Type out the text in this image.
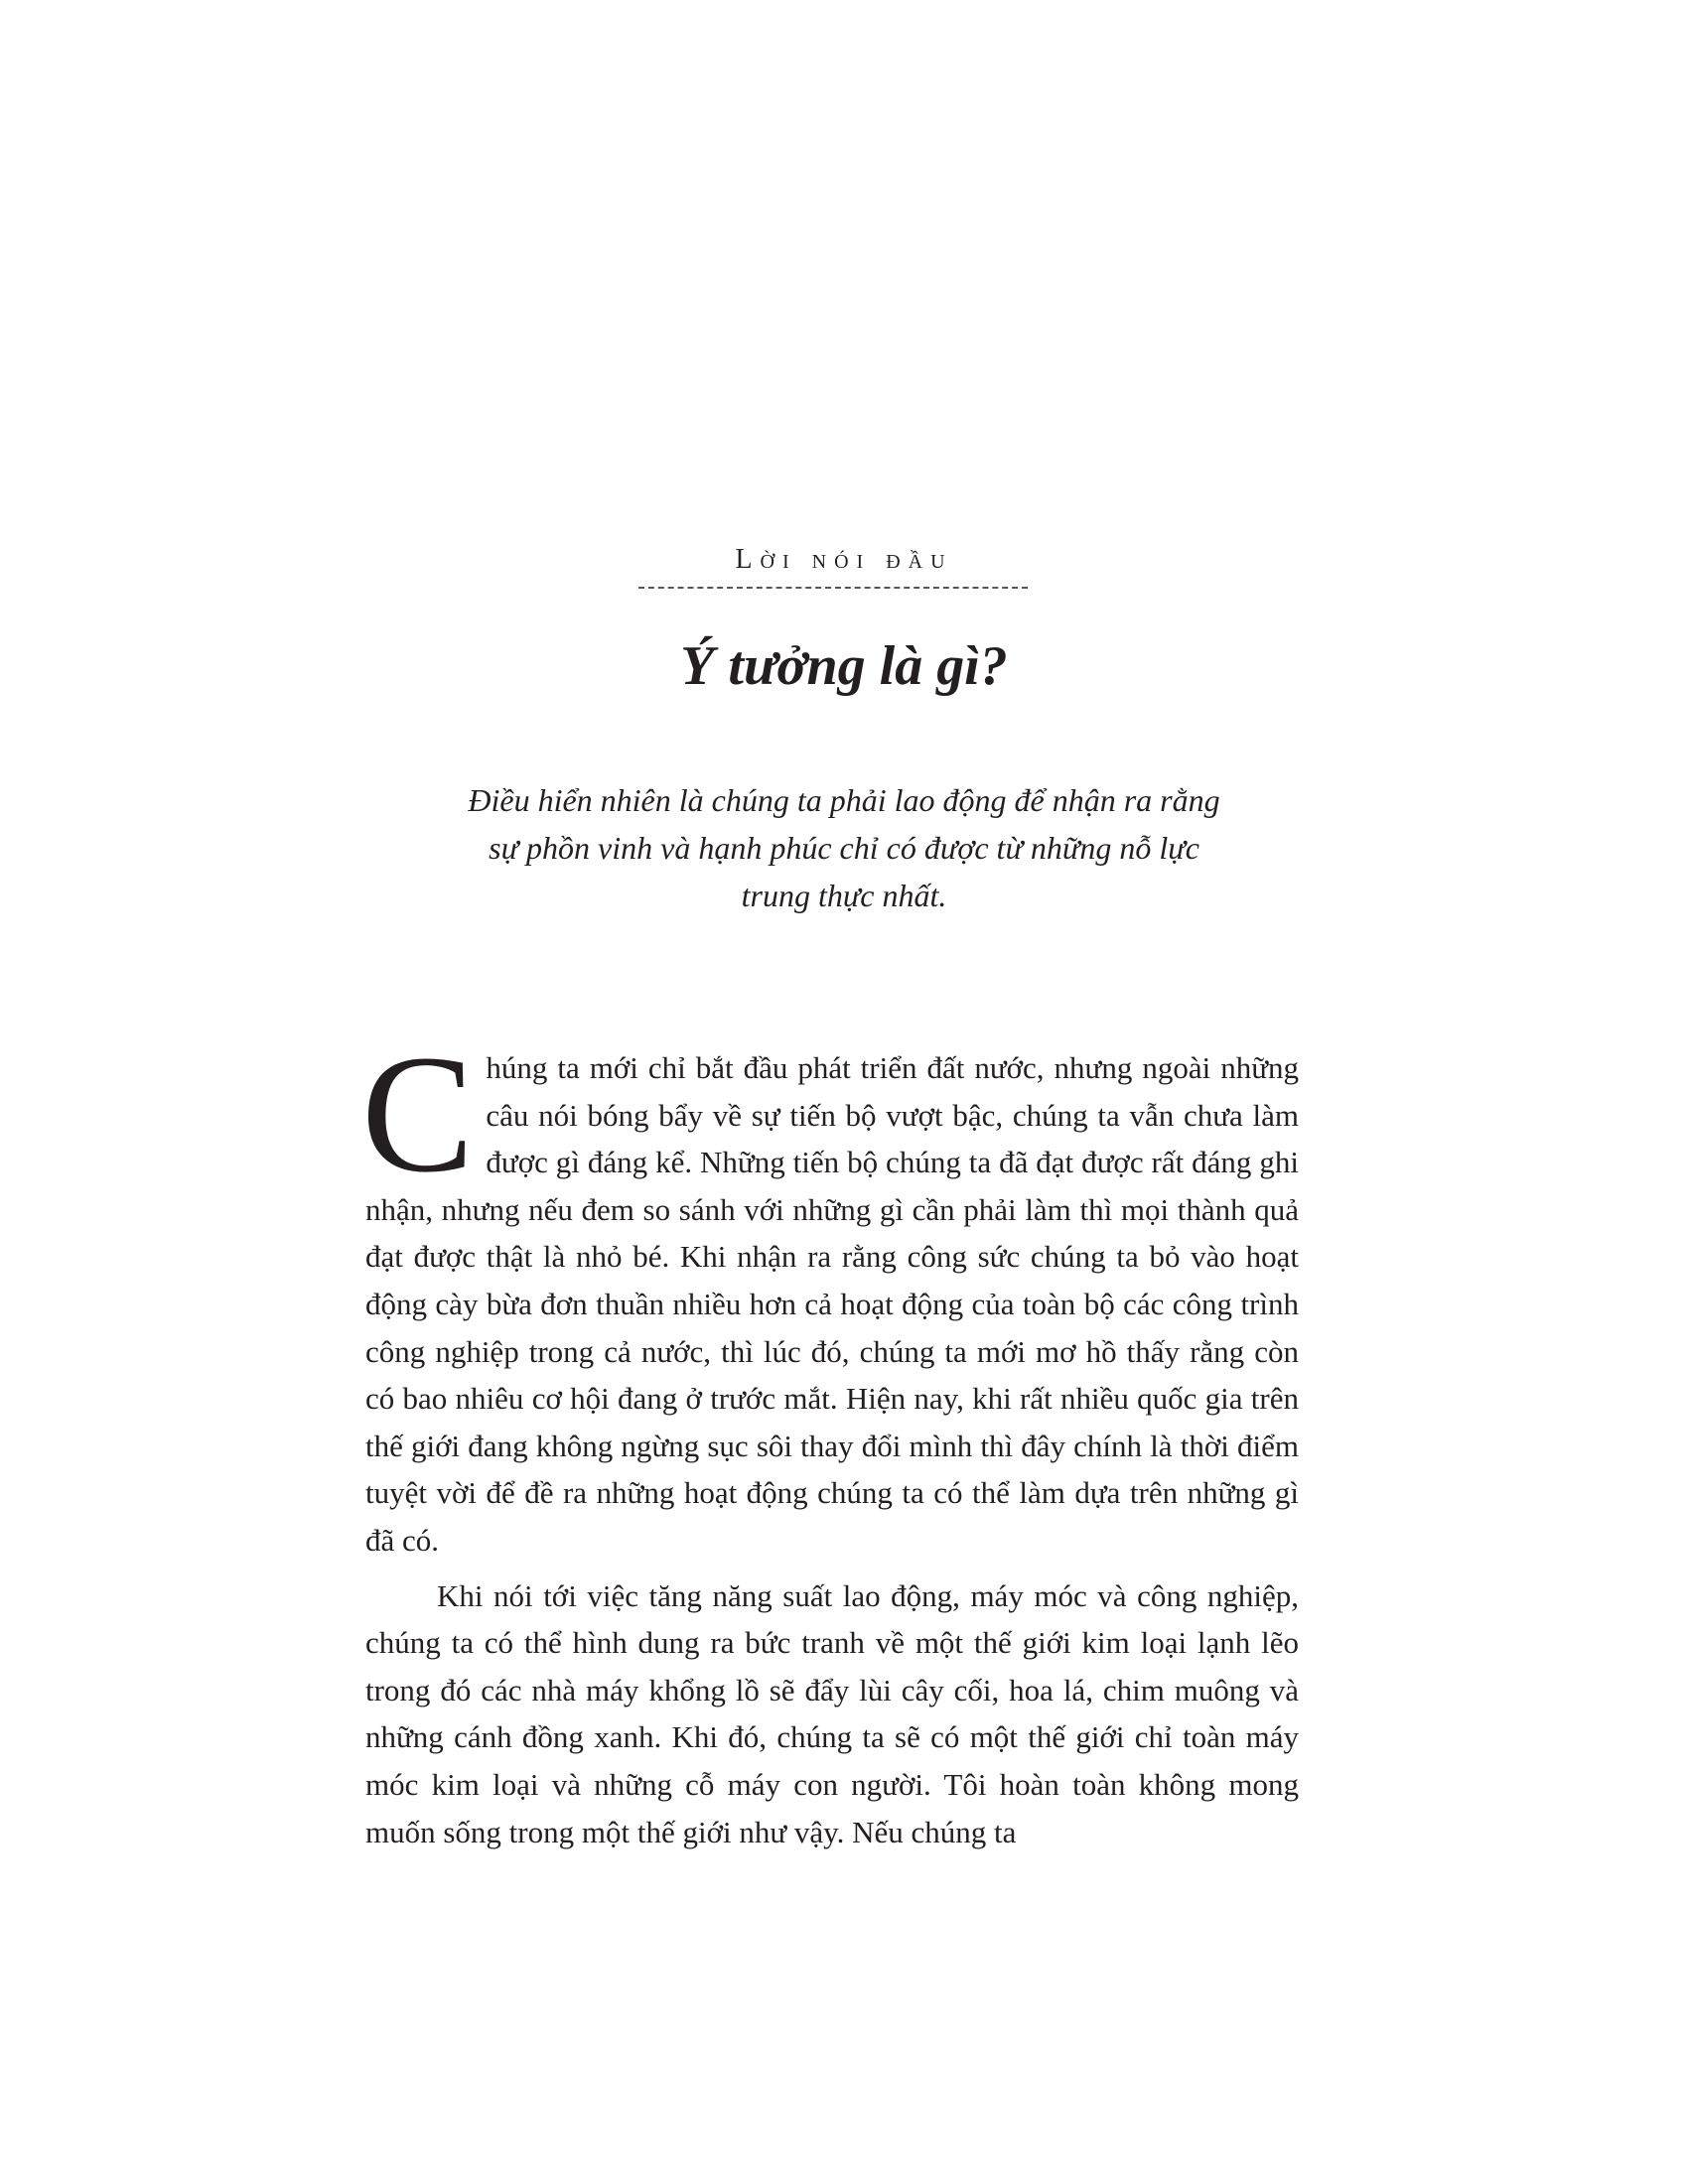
Lời nói đầu
Ý tưởng là gì?
Điều hiển nhiên là chúng ta phải lao động để nhận ra rằng
sự phồn vinh và hạnh phúc chỉ có được từ những nỗ lực
trung thực nhất.

Chúng ta mới chỉ bắt đầu phát triển đất nước, nhưng ngoài những câu nói bóng bẩy về sự tiến bộ vượt bậc, chúng ta vẫn chưa làm được gì đáng kể. Những tiến bộ chúng ta đã đạt được rất đáng ghi nhận, nhưng nếu đem so sánh với những gì cần phải làm thì mọi thành quả đạt được thật là nhỏ bé. Khi nhận ra rằng công sức chúng ta bỏ vào hoạt động cày bừa đơn thuần nhiều hơn cả hoạt động của toàn bộ các công trình công nghiệp trong cả nước, thì lúc đó, chúng ta mới mơ hồ thấy rằng còn có bao nhiêu cơ hội đang ở trước mắt. Hiện nay, khi rất nhiều quốc gia trên thế giới đang không ngừng sục sôi thay đổi mình thì đây chính là thời điểm tuyệt vời để đề ra những hoạt động chúng ta có thể làm dựa trên những gì đã có.

Khi nói tới việc tăng năng suất lao động, máy móc và công nghiệp, chúng ta có thể hình dung ra bức tranh về một thế giới kim loại lạnh lẽo trong đó các nhà máy khổng lồ sẽ đẩy lùi cây cối, hoa lá, chim muông và những cánh đồng xanh. Khi đó, chúng ta sẽ có một thế giới chỉ toàn máy móc kim loại và những cỗ máy con người. Tôi hoàn toàn không mong muốn sống trong một thế giới như vậy. Nếu chúng ta
